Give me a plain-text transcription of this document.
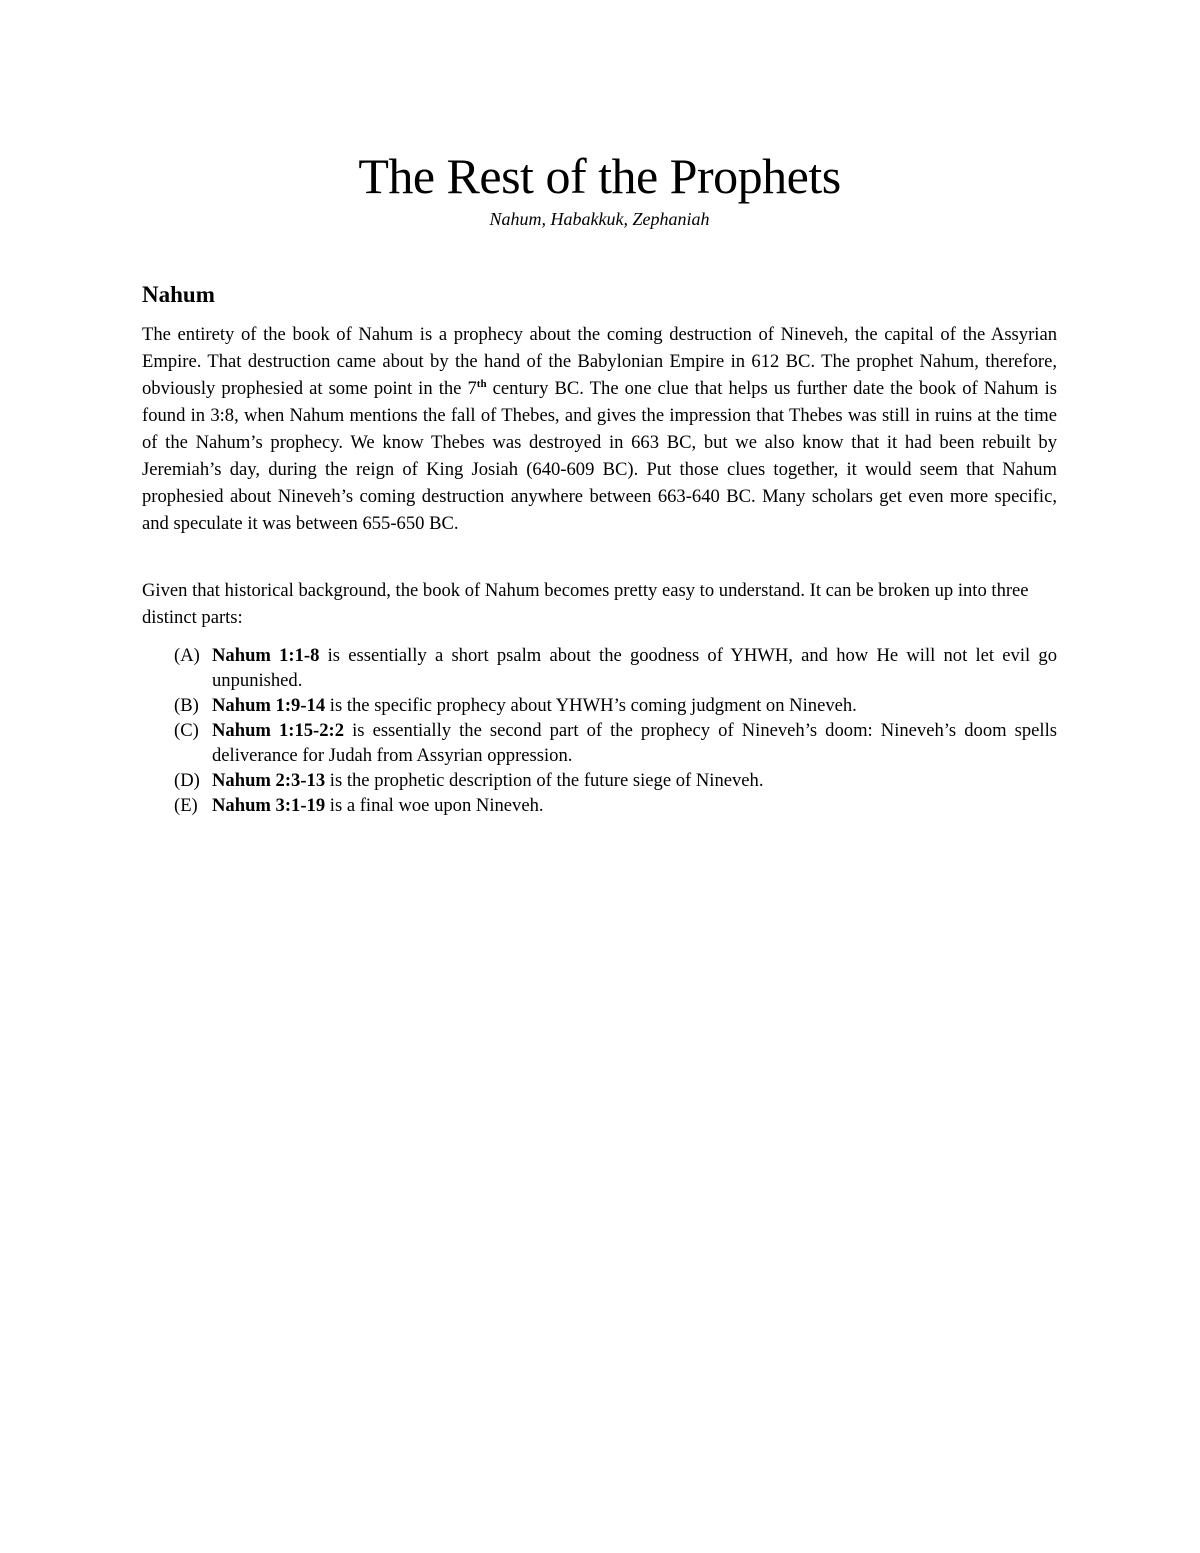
The Rest of the Prophets

Nahum, Habakkuk, Zephaniah

Nahum

The entirety of the book of Nahum is a prophecy about the coming destruction of Nineveh, the capital of the Assyrian Empire. That destruction came about by the hand of the Babylonian Empire in 612 BC. The prophet Nahum, therefore, obviously prophesied at some point in the 7th century BC. The one clue that helps us further date the book of Nahum is found in 3:8, when Nahum mentions the fall of Thebes, and gives the impression that Thebes was still in ruins at the time of the Nahum’s prophecy. We know Thebes was destroyed in 663 BC, but we also know that it had been rebuilt by Jeremiah’s day, during the reign of King Josiah (640-609 BC). Put those clues together, it would seem that Nahum prophesied about Nineveh’s coming destruction anywhere between 663-640 BC. Many scholars get even more specific, and speculate it was between 655-650 BC.

Given that historical background, the book of Nahum becomes pretty easy to understand. It can be broken up into three distinct parts:

(A) Nahum 1:1-8 is essentially a short psalm about the goodness of YHWH, and how He will not let evil go unpunished.
(B) Nahum 1:9-14 is the specific prophecy about YHWH’s coming judgment on Nineveh.
(C) Nahum 1:15-2:2 is essentially the second part of the prophecy of Nineveh’s doom: Nineveh’s doom spells deliverance for Judah from Assyrian oppression.
(D) Nahum 2:3-13 is the prophetic description of the future siege of Nineveh.
(E) Nahum 3:1-19 is a final woe upon Nineveh.
